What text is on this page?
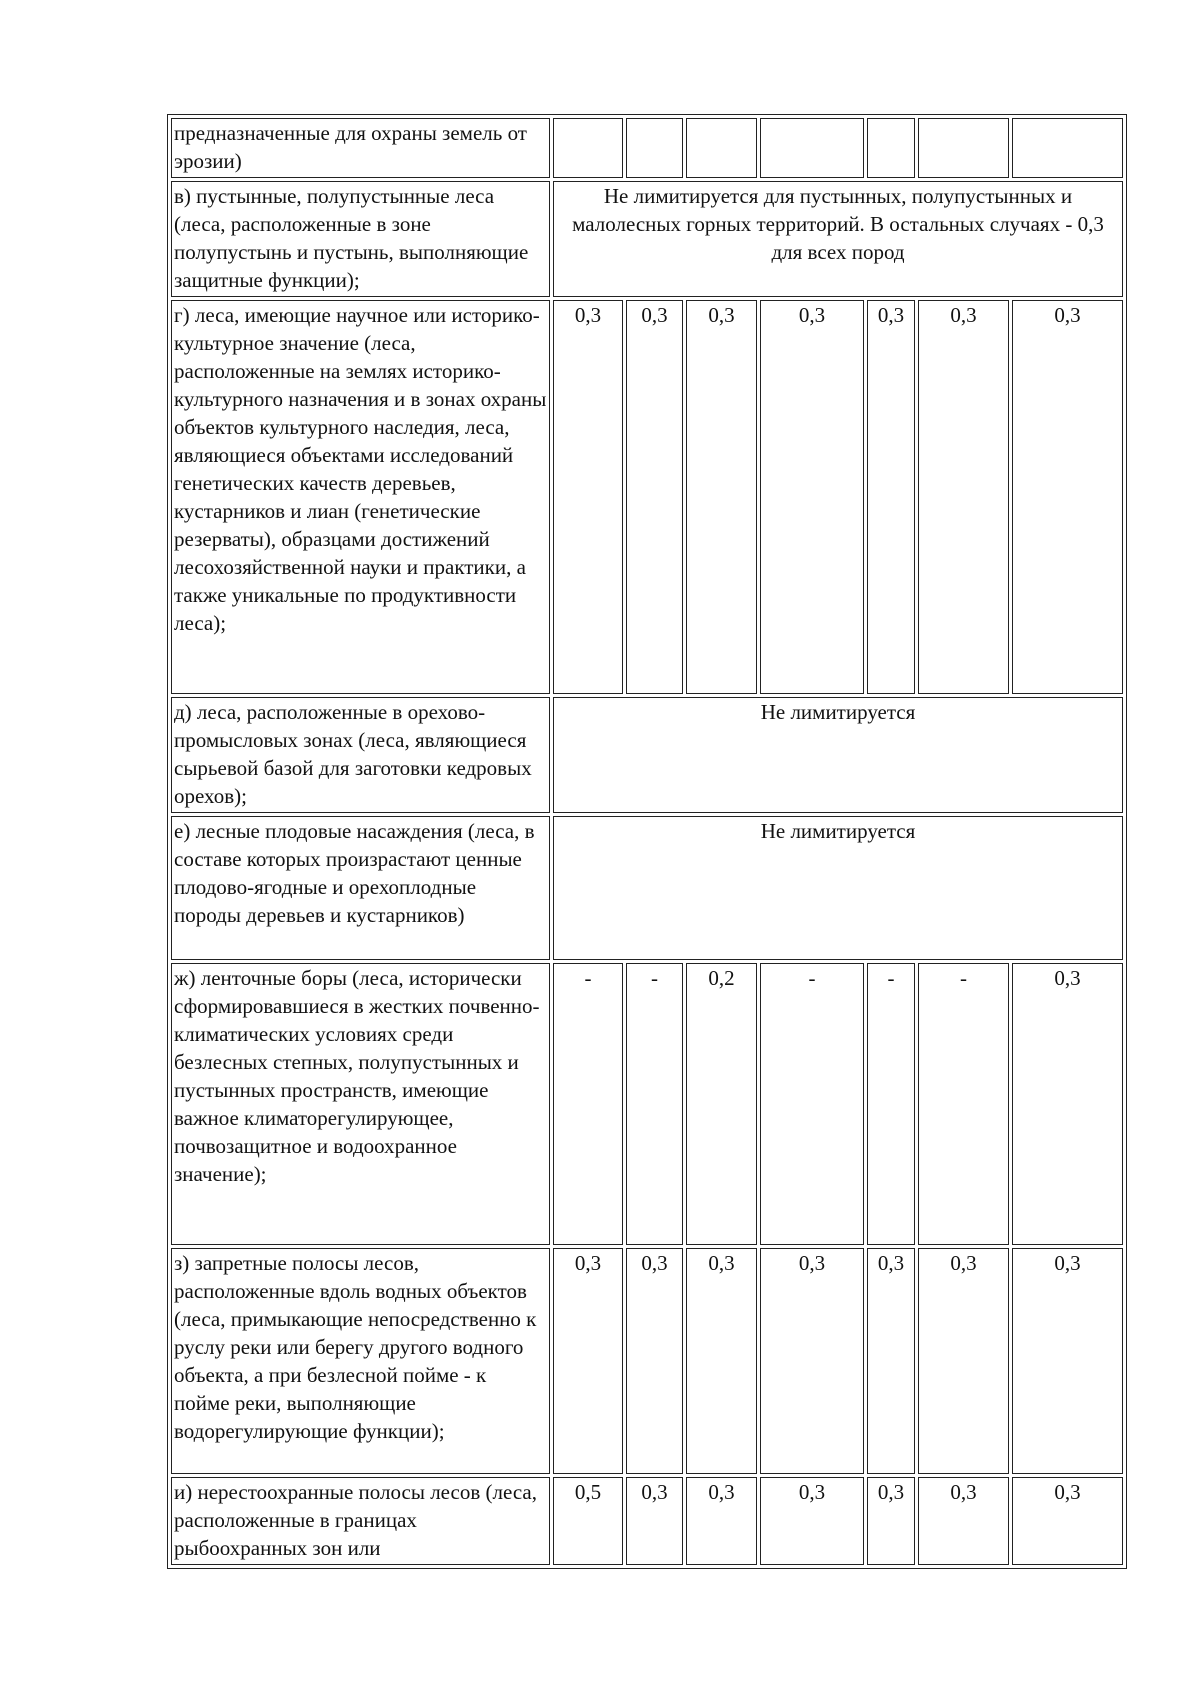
предназначенные для охраны земель от эрозии)							
в) пустынные, полупустынные леса (леса, расположенные в зоне полупустынь и пустынь, выполняющие защитные функции);	Не лимитируется для пустынных, полупустынных и малолесных горных территорий. В остальных случаях - 0,3 для всех пород						
г) леса, имеющие научное или историко-культурное значение (леса, расположенные на землях историко-культурного назначения и в зонах охраны объектов культурного наследия, леса, являющиеся объектами исследований генетических качеств деревьев, кустарников и лиан (генетические резерваты), образцами достижений лесохозяйственной науки и практики, а также уникальные по продуктивности леса);	0,3	0,3	0,3	0,3	0,3	0,3	0,3
д) леса, расположенные в орехово-промысловых зонах (леса, являющиеся сырьевой базой для заготовки кедровых орехов);	Не лимитируется						
е) лесные плодовые насаждения (леса, в составе которых произрастают ценные плодово-ягодные и орехоплодные породы деревьев и кустарников)	Не лимитируется						
ж) ленточные боры (леса, исторически сформировавшиеся в жестких почвенно-климатических условиях среди безлесных степных, полупустынных и пустынных пространств, имеющие важное климаторегулирующее, почвозащитное и водоохранное значение);	-	-	0,2	-	-	-	0,3
з) запретные полосы лесов, расположенные вдоль водных объектов (леса, примыкающие непосредственно к руслу реки или берегу другого водного объекта, а при безлесной пойме - к пойме реки, выполняющие водорегулирующие функции);	0,3	0,3	0,3	0,3	0,3	0,3	0,3
и) нерестоохранные полосы лесов (леса, расположенные в границах рыбоохранных зон или	0,5	0,3	0,3	0,3	0,3	0,3	0,3
